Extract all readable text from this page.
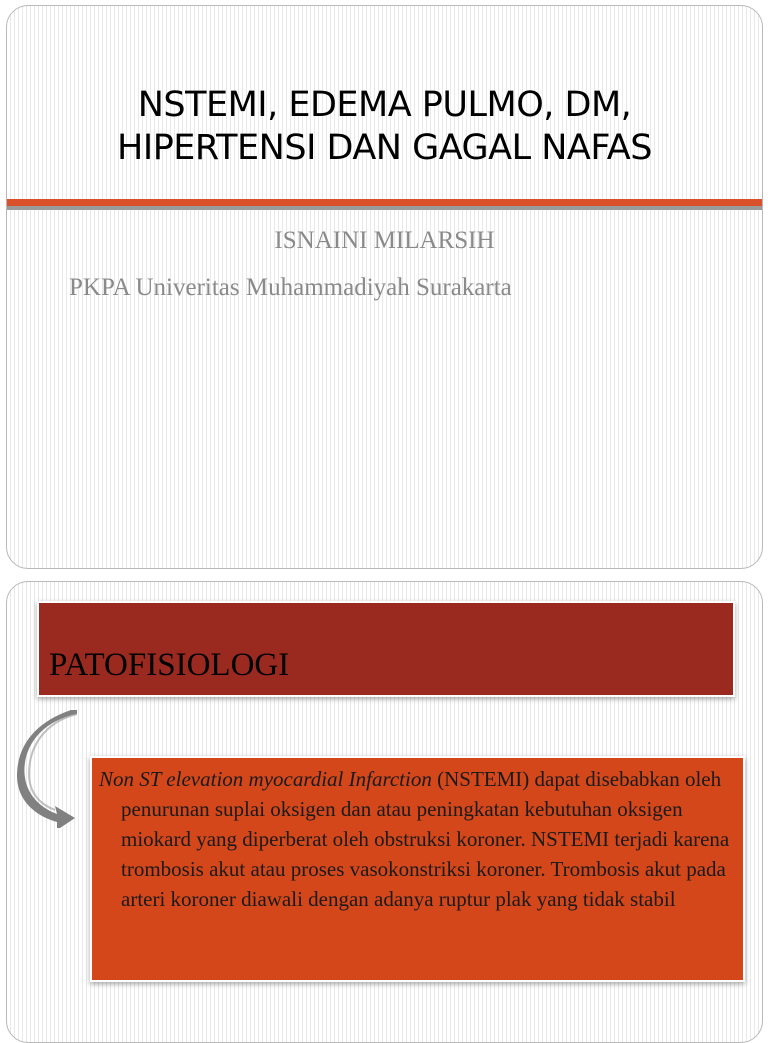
NSTEMI, EDEMA PULMO, DM,
HIPERTENSI DAN GAGAL NAFAS
ISNAINI MILARSIH
PKPA Univeritas Muhammadiyah Surakarta
PATOFISIOLOGI
Non ST elevation myocardial Infarction (NSTEMI) dapat disebabkan oleh penurunan suplai oksigen dan atau peningkatan kebutuhan oksigen miokard yang diperberat oleh obstruksi koroner. NSTEMI terjadi karena trombosis akut atau proses vasokonstriksi koroner. Trombosis akut pada arteri koroner diawali dengan adanya ruptur plak yang tidak stabil
